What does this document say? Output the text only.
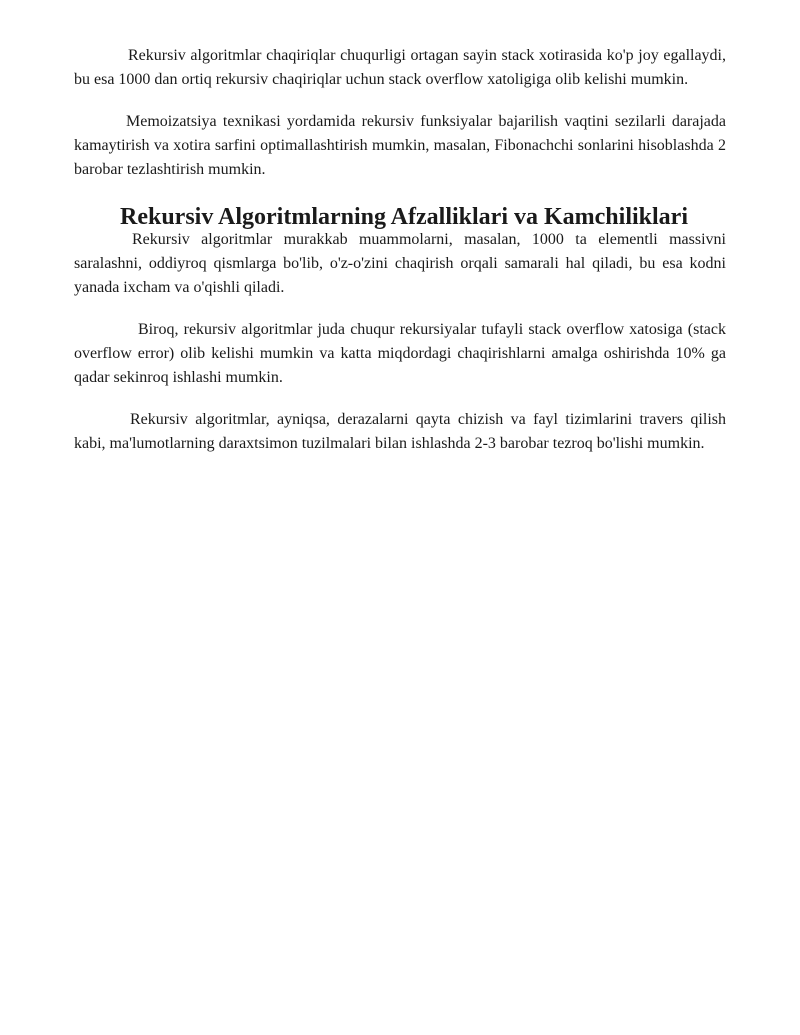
Rekursiv algoritmlar chaqiriqlar chuqurligi ortagan sayin stack xotirasida ko'p joy egallaydi, bu esa 1000 dan ortiq rekursiv chaqiriqlar uchun stack overflow xatoligiga olib kelishi mumkin.

Memoizatsiya texnikasi yordamida rekursiv funksiyalar bajarilish vaqtini sezilarli darajada kamaytirish va xotira sarfini optimallashtirish mumkin, masalan, Fibonachchi sonlarini hisoblashda 2 barobar tezlashtirish mumkin.

Rekursiv Algoritmlarning Afzalliklari va Kamchiliklari

Rekursiv algoritmlar murakkab muammolarni, masalan, 1000 ta elementli massivni saralashni, oddiyroq qismlarga bo'lib, o'z-o'zini chaqirish orqali samarali hal qiladi, bu esa kodni yanada ixcham va o'qishli qiladi.

Biroq, rekursiv algoritmlar juda chuqur rekursiyalar tufayli stack overflow xatosiga (stack overflow error) olib kelishi mumkin va katta miqdordagi chaqirishlarni amalga oshirishda 10% ga qadar sekinroq ishlashi mumkin.

Rekursiv algoritmlar, ayniqsa, derazalarni qayta chizish va fayl tizimlarini travers qilish kabi, ma'lumotlarning daraxtsimon tuzilmalari bilan ishlashda 2-3 barobar tezroq bo'lishi mumkin.
